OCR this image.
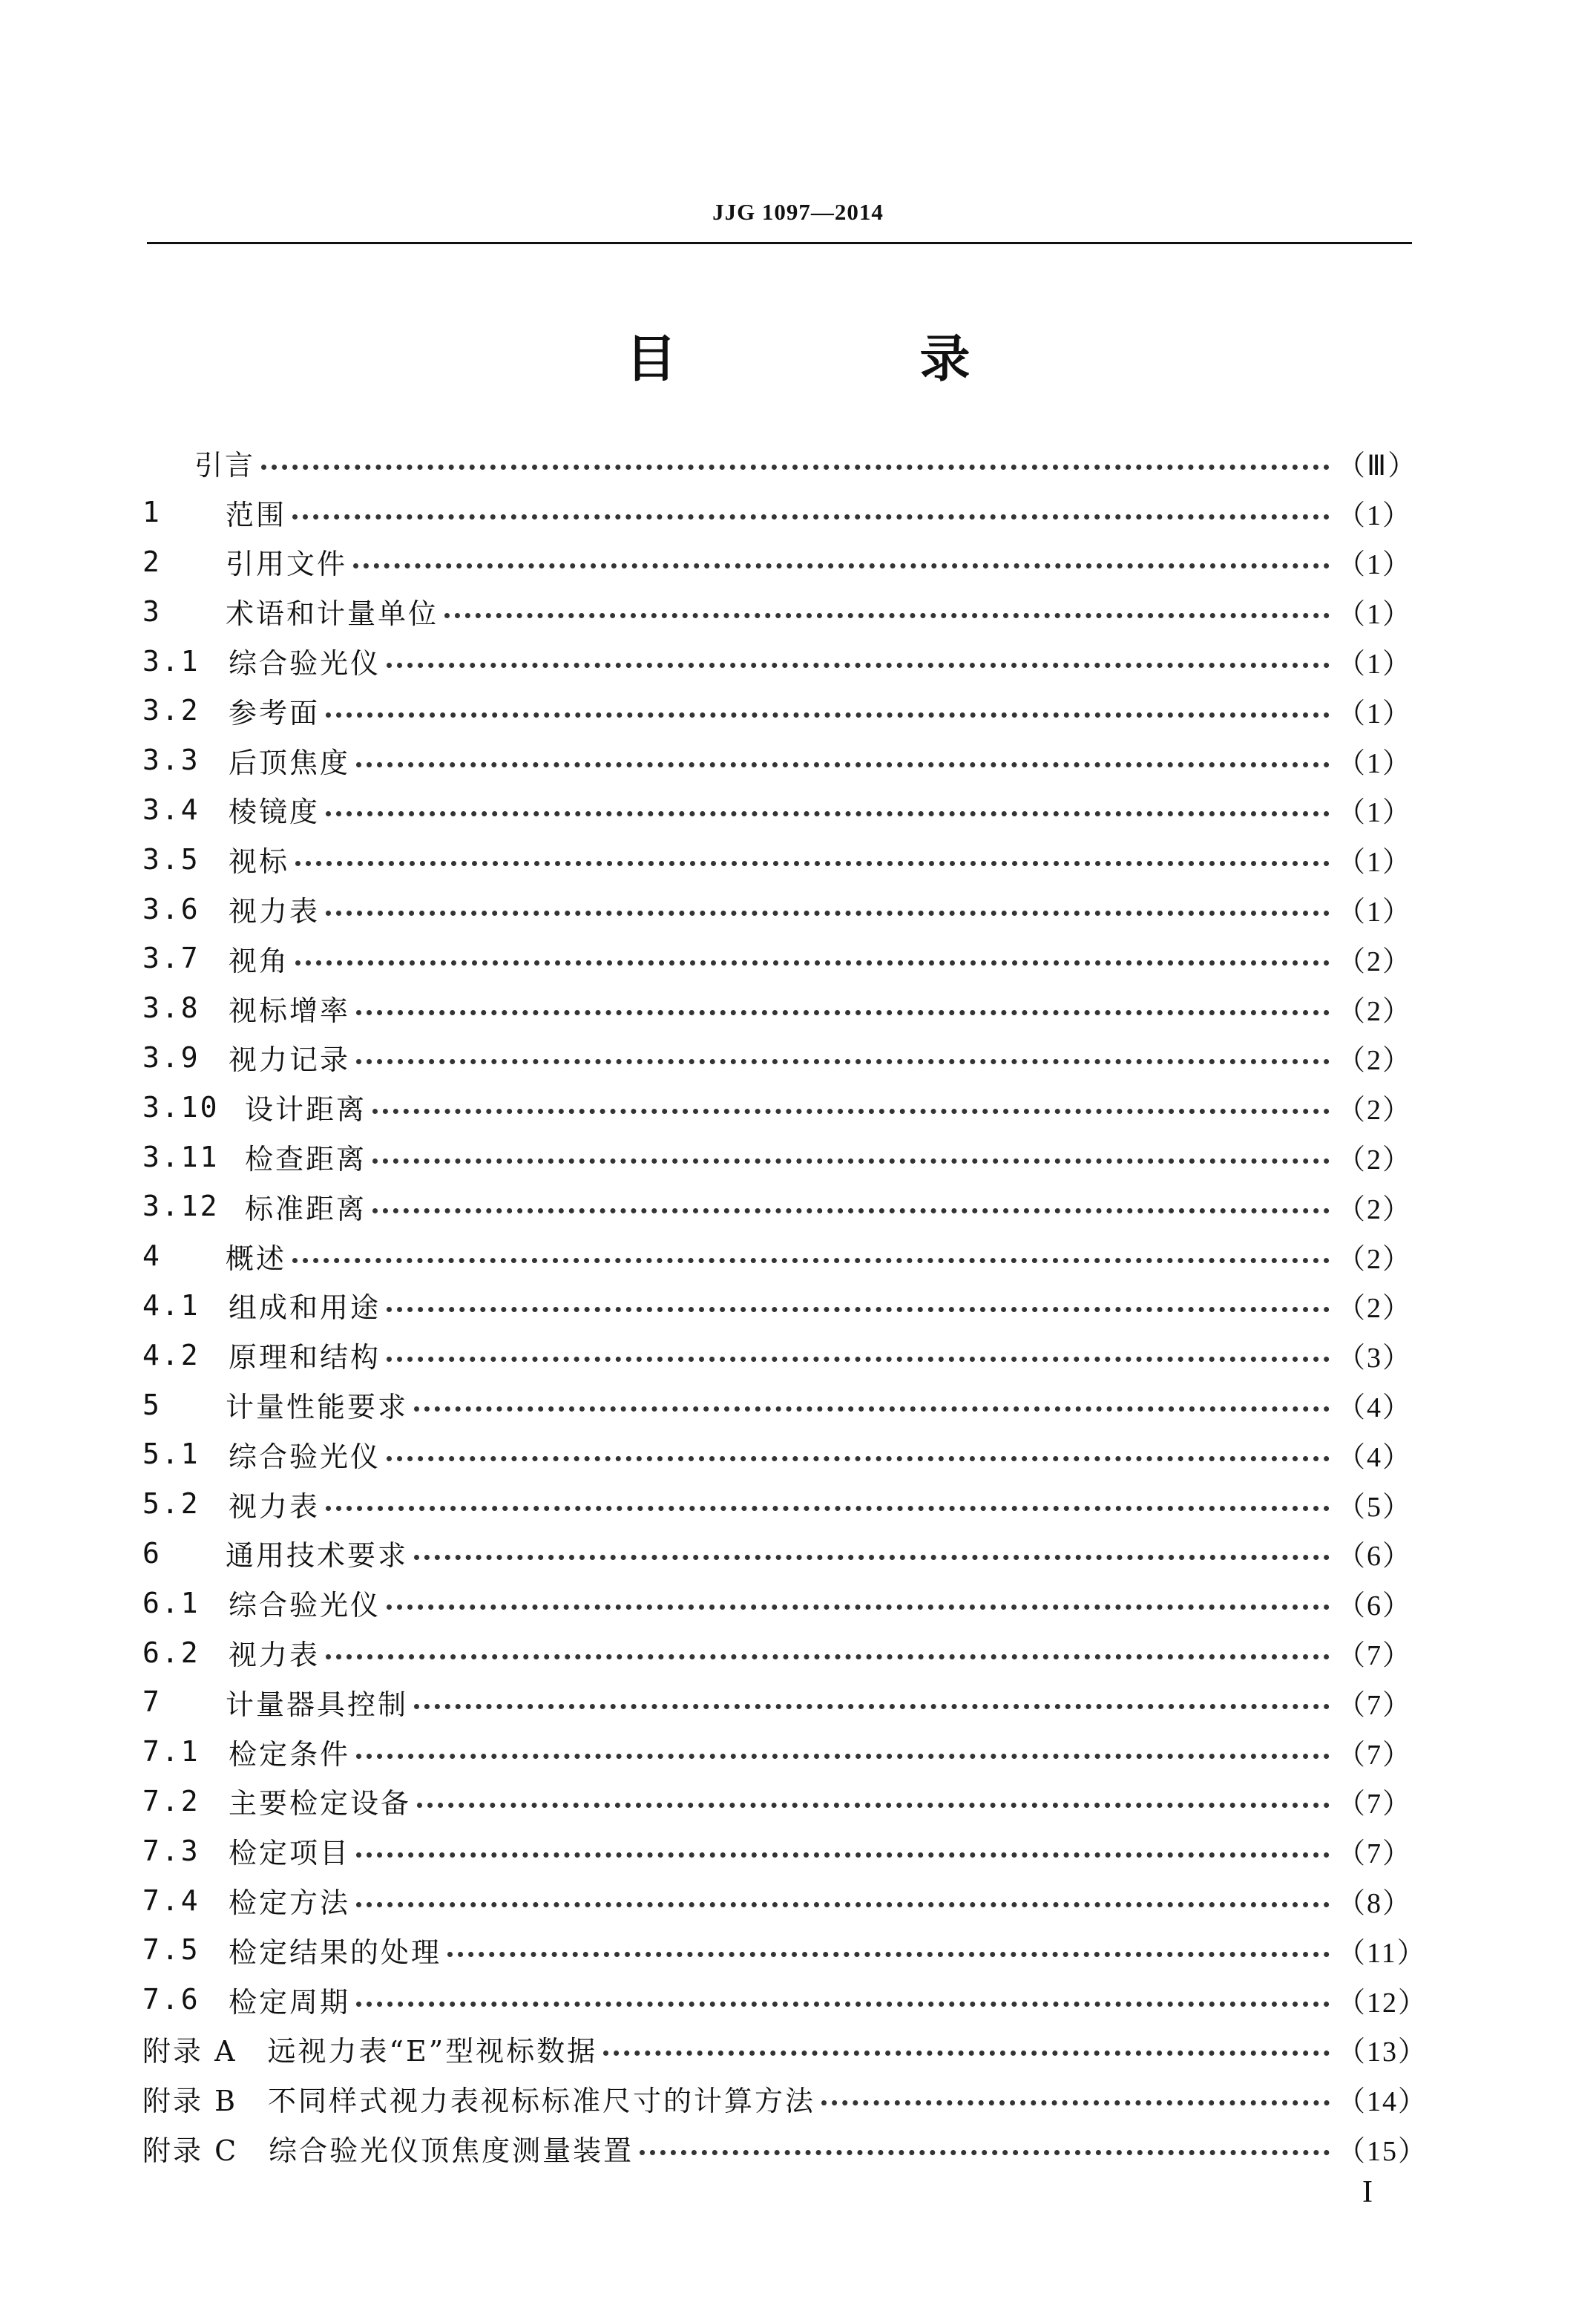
JJG 1097—2014
目　录
引言	（Ⅲ）
1	范围	（1）
2	引用文件	（1）
3	术语和计量单位	（1）
3.1	综合验光仪	（1）
3.2	参考面	（1）
3.3	后顶焦度	（1）
3.4	棱镜度	（1）
3.5	视标	（1）
3.6	视力表	（1）
3.7	视角	（2）
3.8	视标增率	（2）
3.9	视力记录	（2）
3.10 设计距离	（2）
3.11 检查距离	（2）
3.12 标准距离	（2）
4	概述	（2）
4.1	组成和用途	（2）
4.2	原理和结构	（3）
5	计量性能要求	（4）
5.1	综合验光仪	（4）
5.2	视力表	（5）
6	通用技术要求	（6）
6.1	综合验光仪	（6）
6.2	视力表	（7）
7	计量器具控制	（7）
7.1	检定条件	（7）
7.2	主要检定设备	（7）
7.3	检定项目	（7）
7.4	检定方法	（8）
7.5	检定结果的处理	（11）
7.6	检定周期	（12）
附录 A　远视力表“E”型视标数据	（13）
附录 B　不同样式视力表视标标准尺寸的计算方法	（14）
附录 C　综合验光仪顶焦度测量装置	（15）
I
